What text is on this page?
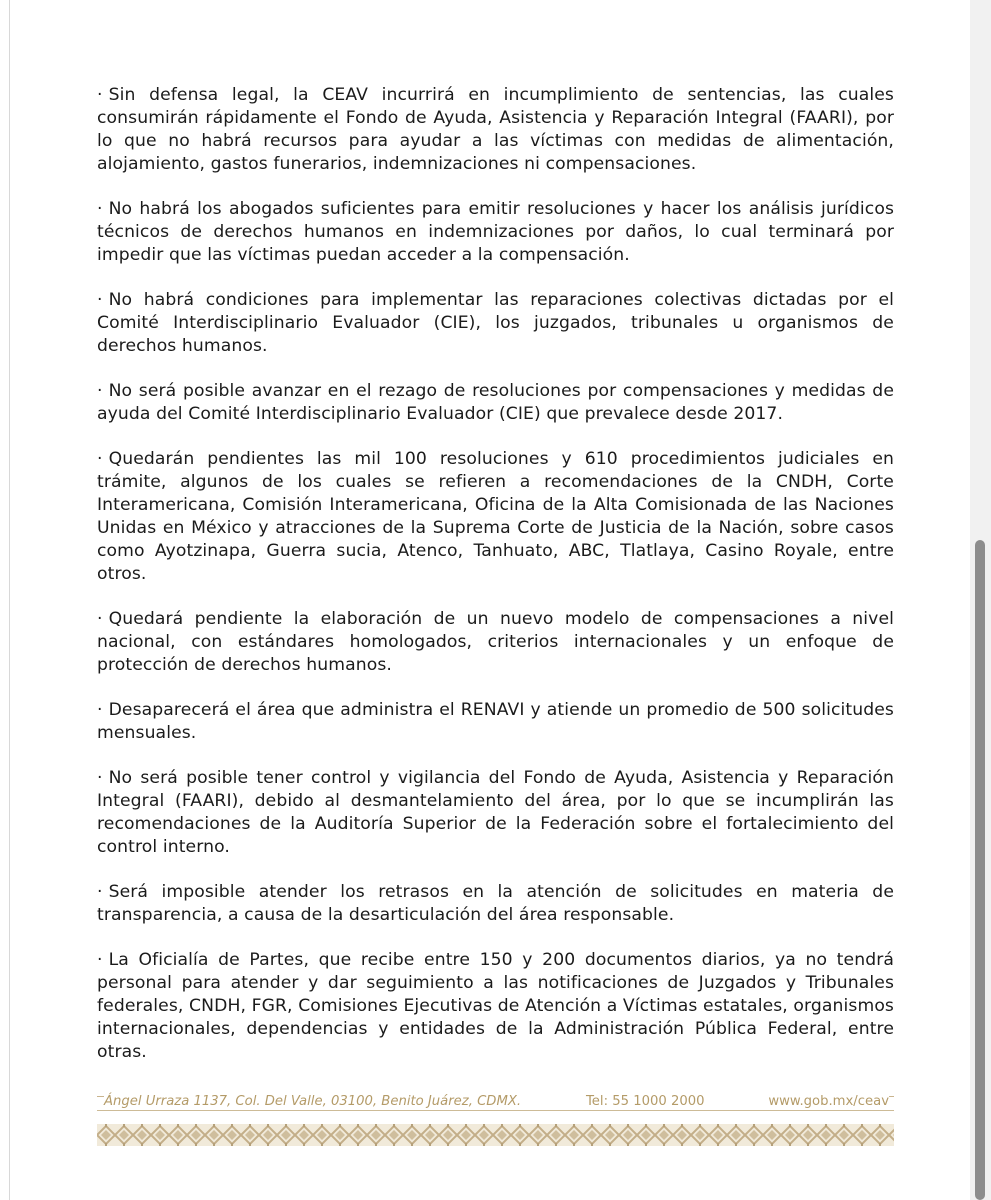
· Sin defensa legal, la CEAV incurrirá en incumplimiento de sentencias, las cuales consumirán rápidamente el Fondo de Ayuda, Asistencia y Reparación Integral (FAARI), por lo que no habrá recursos para ayudar a las víctimas con medidas de alimentación, alojamiento, gastos funerarios, indemnizaciones ni compensaciones.

· No habrá los abogados suficientes para emitir resoluciones y hacer los análisis jurídicos técnicos de derechos humanos en indemnizaciones por daños, lo cual terminará por impedir que las víctimas puedan acceder a la compensación.

· No habrá condiciones para implementar las reparaciones colectivas dictadas por el Comité Interdisciplinario Evaluador (CIE), los juzgados, tribunales u organismos de derechos humanos.

· No será posible avanzar en el rezago de resoluciones por compensaciones y medidas de ayuda del Comité Interdisciplinario Evaluador (CIE) que prevalece desde 2017.

· Quedarán pendientes las mil 100 resoluciones y 610 procedimientos judiciales en trámite, algunos de los cuales se refieren a recomendaciones de la CNDH, Corte Interamericana, Comisión Interamericana, Oficina de la Alta Comisionada de las Naciones Unidas en México y atracciones de la Suprema Corte de Justicia de la Nación, sobre casos como Ayotzinapa, Guerra sucia, Atenco, Tanhuato, ABC, Tlatlaya, Casino Royale, entre otros.

· Quedará pendiente la elaboración de un nuevo modelo de compensaciones a nivel nacional, con estándares homologados, criterios internacionales y un enfoque de protección de derechos humanos.

· Desaparecerá el área que administra el RENAVI y atiende un promedio de 500 solicitudes mensuales.

· No será posible tener control y vigilancia del Fondo de Ayuda, Asistencia y Reparación Integral (FAARI), debido al desmantelamiento del área, por lo que se incumplirán las recomendaciones de la Auditoría Superior de la Federación sobre el fortalecimiento del control interno.

· Será imposible atender los retrasos en la atención de solicitudes en materia de transparencia, a causa de la desarticulación del área responsable.

· La Oficialía de Partes, que recibe entre 150 y 200 documentos diarios, ya no tendrá personal para atender y dar seguimiento a las notificaciones de Juzgados y Tribunales federales, CNDH, FGR, Comisiones Ejecutivas de Atención a Víctimas estatales, organismos internacionales, dependencias y entidades de la Administración Pública Federal, entre otras.

Ángel Urraza 1137, Col. Del Valle, 03100, Benito Juárez, CDMX.	Tel: 55 1000 2000	www.gob.mx/ceav
